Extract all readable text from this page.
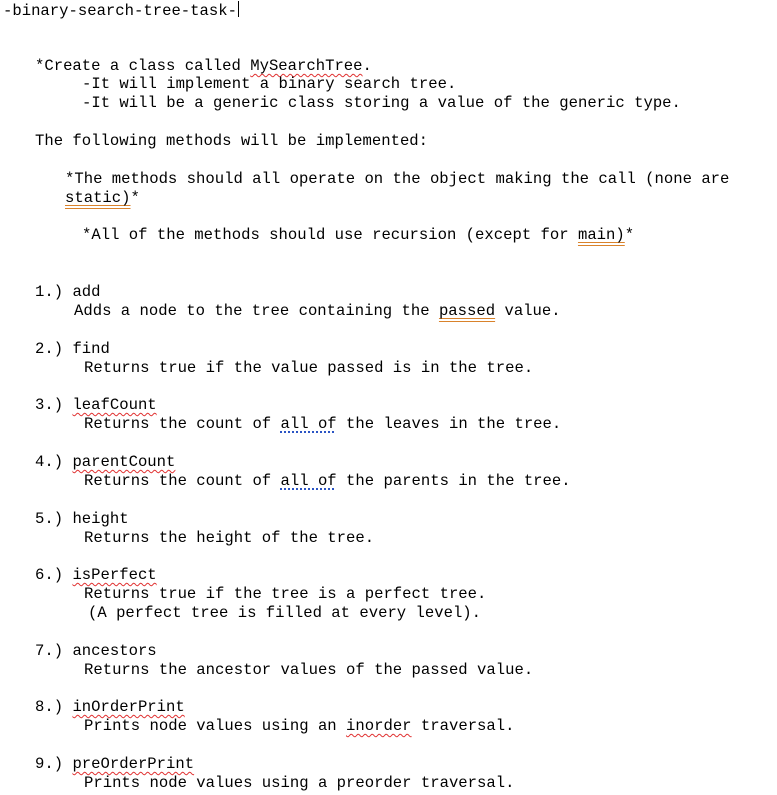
-binary-search-tree-task-
*Create a class called MySearchTree.
-It will implement a binary search tree.
-It will be a generic class storing a value of the generic type.
The following methods will be implemented:
*The methods should all operate on the object making the call (none are
static)*
*All of the methods should use recursion (except for main)*
1.) add
Adds a node to the tree containing the passed value.
2.) find
Returns true if the value passed is in the tree.
3.) leafCount
Returns the count of all of the leaves in the tree.
4.) parentCount
Returns the count of all of the parents in the tree.
5.) height
Returns the height of the tree.
6.) isPerfect
Returns true if the tree is a perfect tree.
(A perfect tree is filled at every level).
7.) ancestors
Returns the ancestor values of the passed value.
8.) inOrderPrint
Prints node values using an inorder traversal.
9.) preOrderPrint
Prints node values using a preorder traversal.
